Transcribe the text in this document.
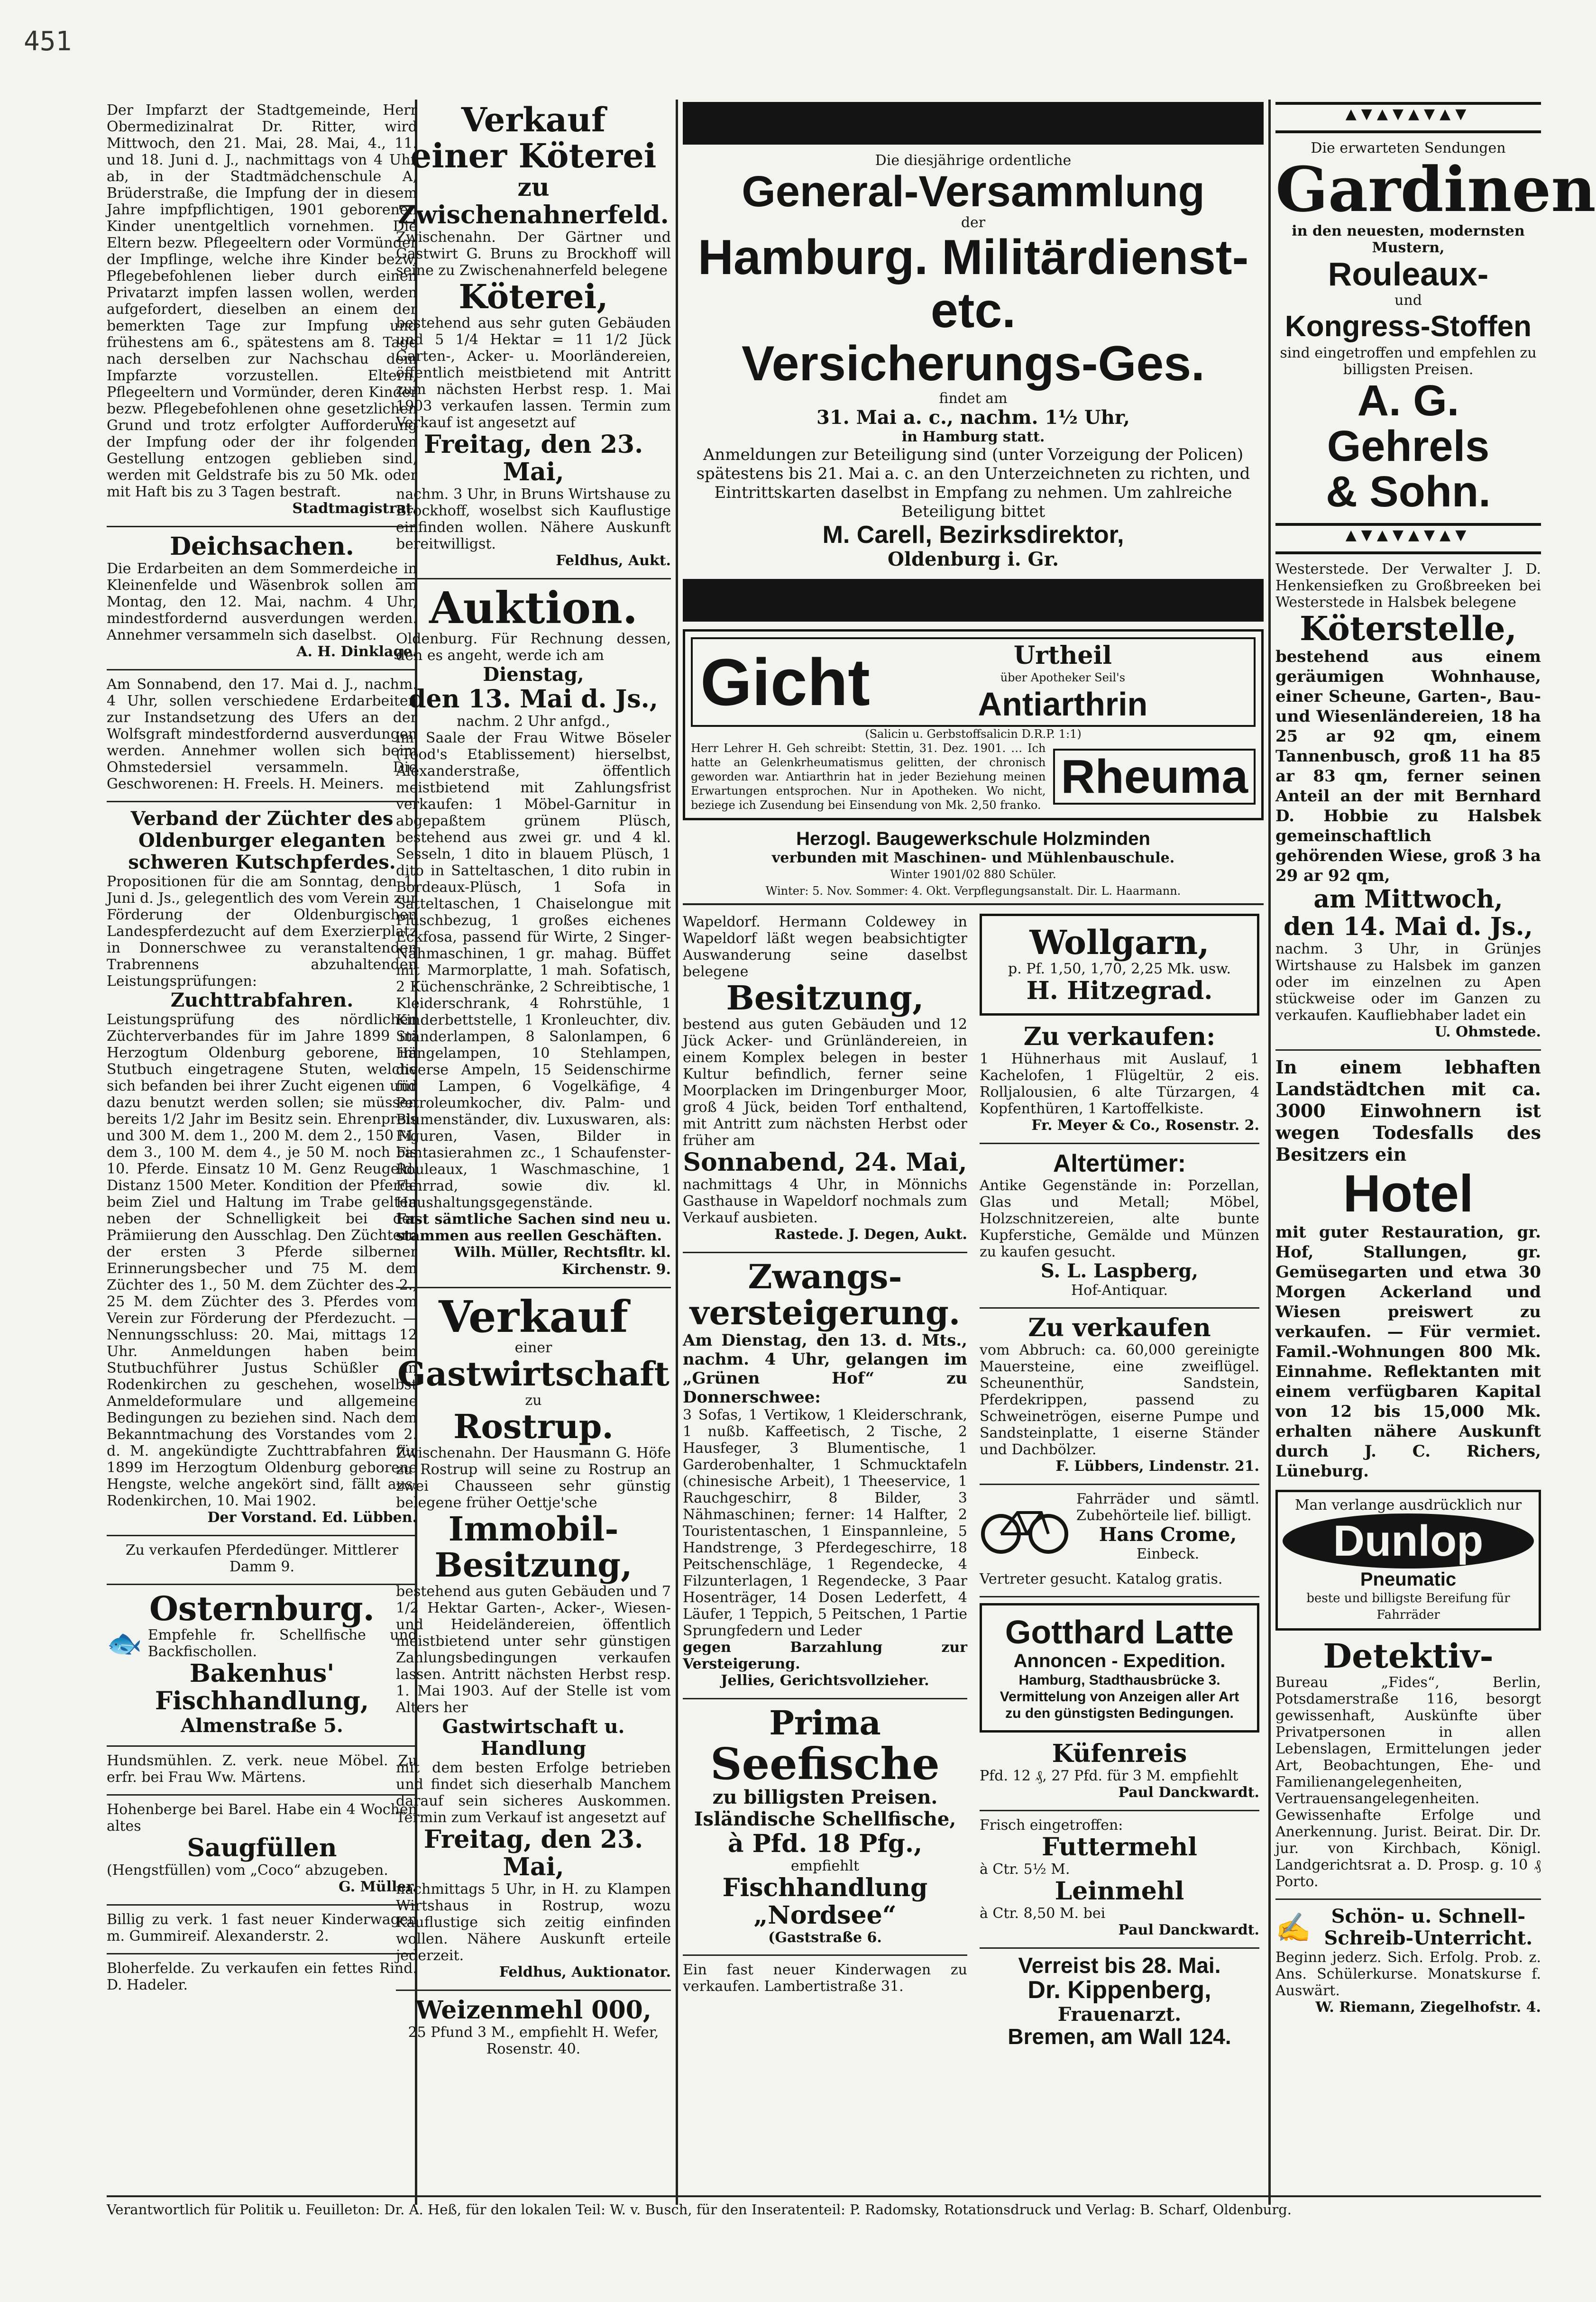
451

Der Impfarzt der Stadtgemeinde, Herr Obermedizinalrat Dr. Ritter, wird Mittwoch, den 21. Mai, 28. Mai, 4., 11. und 18. Juni d. J., nachmittags von 4 Uhr ab, in der Stadtmädchenschule A, Brüderstraße, die Impfung der in diesem Jahre impfpflichtigen, 1901 geborenen Kinder unentgeltlich vornehmen. Die Eltern bezw. Pflegeeltern oder Vormünder der Impflinge, welche ihre Kinder bezw. Pflegebefohlenen lieber durch einen Privatarzt impfen lassen wollen, werden aufgefordert, dieselben an einem der bemerkten Tage zur Impfung und frühestens am 6., spätestens am 8. Tage nach derselben zur Nachschau dem Impfarzte vorzustellen. Eltern, Pflegeeltern und Vormünder, deren Kinder bezw. Pflegebefohlenen ohne gesetzlichen Grund und trotz erfolgter Aufforderung der Impfung oder der ihr folgenden Gestellung entzogen geblieben sind, werden mit Geldstrafe bis zu 50 Mk. oder mit Haft bis zu 3 Tagen bestraft.

Stadtmagistrat.
Deichsachen.

Die Erdarbeiten an dem Sommerdeiche in Kleinenfelde und Wäsenbrok sollen am Montag, den 12. Mai, nachm. 4 Uhr, mindestfordernd ausverdungen werden. Annehmer versammeln sich daselbst.

A. H. Dinklage.

Am Sonnabend, den 17. Mai d. J., nachm. 4 Uhr, sollen verschiedene Erdarbeiten zur Instandsetzung des Ufers an der Wolfsgraft mindestfordernd ausverdungen werden. Annehmer wollen sich beim Ohmstedersiel versammeln. Die Geschworenen: H. Freels. H. Meiners.

Verband der Züchter des Oldenburger eleganten schweren Kutschpferdes.

Propositionen für die am Sonntag, den 1. Juni d. Js., gelegentlich des vom Verein zur Förderung der Oldenburgischen Landespferdezucht auf dem Exerzierplatz in Donnerschwee zu veranstaltenden Trabrennens abzuhaltenden Leistungsprüfungen:

Zuchttrabfahren.

Leistungsprüfung des nördlichen Züchterverbandes für im Jahre 1899 im Herzogtum Oldenburg geborene, im Stutbuch eingetragene Stuten, welche sich befanden bei ihrer Zucht eigenen und dazu benutzt werden sollen; sie müssen bereits 1/2 Jahr im Besitz sein. Ehrenpreis und 300 M. dem 1., 200 M. dem 2., 150 M. dem 3., 100 M. dem 4., je 50 M. noch bis 10. Pferde. Einsatz 10 M. Genz Reugeld. Distanz 1500 Meter. Kondition der Pferde beim Ziel und Haltung im Trabe gelten neben der Schnelligkeit bei der Prämiierung den Ausschlag. Den Züchtern der ersten 3 Pferde silberner Erinnerungsbecher und 75 M. dem Züchter des 1., 50 M. dem Züchter des 2., 25 M. dem Züchter des 3. Pferdes vom Verein zur Förderung der Pferdezucht. — Nennungsschluss: 20. Mai, mittags 12 Uhr. Anmeldungen haben beim Stutbuchführer Justus Schüßler in Rodenkirchen zu geschehen, woselbst Anmeldeformulare und allgemeine Bedingungen zu beziehen sind. Nach dem Bekanntmachung des Vorstandes vom 2. d. M. angekündigte Zuchttrabfahren für 1899 im Herzogtum Oldenburg geborene Hengste, welche angekört sind, fällt aus. Rodenkirchen, 10. Mai 1902.

Der Vorstand. Ed. Lübben.

Zu verkaufen Pferdedünger. Mittlerer Damm 9.

Osternburg.
🐟 Empfehle fr. Schellfische und Backfischollen.

Bakenhus' Fischhandlung,
Almenstraße 5.

Hundsmühlen. Z. verk. neue Möbel. Zu erfr. bei Frau Ww. Märtens.

Hohenberge bei Barel. Habe ein 4 Wochen altes

Saugfüllen

(Hengstfüllen) vom „Coco“ abzugeben.

G. Müller.

Billig zu verk. 1 fast neuer Kinderwagen m. Gummireif. Alexanderstr. 2.

Bloherfelde. Zu verkaufen ein fettes Rind. D. Hadeler.

Verkauf
einer Köterei
zu Zwischenahnerfeld.

Zwischenahn. Der Gärtner und Gastwirt G. Bruns zu Brockhoff will seine zu Zwischenahnerfeld belegene

Köterei,

bestehend aus sehr guten Gebäuden und 5 1/4 Hektar = 11 1/2 Jück Garten-, Acker- u. Moorländereien, öffentlich meistbietend mit Antritt zum nächsten Herbst resp. 1. Mai 1903 verkaufen lassen. Termin zum Verkauf ist angesetzt auf

Freitag, den 23. Mai,

nachm. 3 Uhr, in Bruns Wirtshause zu Brockhoff, woselbst sich Kauflustige einfinden wollen. Nähere Auskunft bereitwilligst.

Feldhus, Aukt.
Auktion.

Oldenburg. Für Rechnung dessen, den es angeht, werde ich am

Dienstag,
den 13. Mai d. Js.,

nachm. 2 Uhr anfgd.,

im Saale der Frau Witwe Böseler (Tood's Etablissement) hierselbst, Alexanderstraße, öffentlich meistbietend mit Zahlungsfrist verkaufen: 1 Möbel-Garnitur in abgepaßtem grünem Plüsch, bestehend aus zwei gr. und 4 kl. Sesseln, 1 dito in blauem Plüsch, 1 dito in Satteltaschen, 1 dito rubin in Bordeaux-Plüsch, 1 Sofa in Satteltaschen, 1 Chaiselongue mit Plüschbezug, 1 großes eichenes Eckfosa, passend für Wirte, 2 Singer-Nähmaschinen, 1 gr. mahag. Büffet mit Marmorplatte, 1 mah. Sofatisch, 2 Küchenschränke, 2 Schreibtische, 1 Kleiderschrank, 4 Rohrstühle, 1 Kinderbettstelle, 1 Kronleuchter, div. Ständerlampen, 8 Salonlampen, 6 Hängelampen, 10 Stehlampen, diverse Ampeln, 15 Seidenschirme für Lampen, 6 Vogelkäfige, 4 Petroleumkocher, div. Palm- und Blumenständer, div. Luxuswaren, als: Figuren, Vasen, Bilder in Fantasierahmen zc., 1 Schaufenster-Rouleaux, 1 Waschmaschine, 1 Fahrrad, sowie div. kl. Haushaltungsgegenstände.

Fast sämtliche Sachen sind neu u. stammen aus reellen Geschäften.

Wilh. Müller, Rechtsfltr. kl. Kirchenstr. 9.
Verkauf

einer

Gastwirtschaft

zu

Rostrup.

Zwischenahn. Der Hausmann G. Höfe zu Rostrup will seine zu Rostrup an zwei Chausseen sehr günstig belegene früher Oettje'sche

Immobil-Besitzung,

bestehend aus guten Gebäuden und 7 1/2 Hektar Garten-, Acker-, Wiesen- und Heideländereien, öffentlich meistbietend unter sehr günstigen Zahlungsbedingungen verkaufen lassen. Antritt nächsten Herbst resp. 1. Mai 1903. Auf der Stelle ist vom Alters her

Gastwirtschaft u. Handlung

mit dem besten Erfolge betrieben und findet sich dieserhalb Manchem darauf sein sicheres Auskommen. Termin zum Verkauf ist angesetzt auf

Freitag, den 23. Mai,

nachmittags 5 Uhr, in H. zu Klampen Wirtshaus in Rostrup, wozu Kauflustige sich zeitig einfinden wollen. Nähere Auskunft erteile jederzeit.

Feldhus, Auktionator.
Weizenmehl 000,

25 Pfund 3 M., empfiehlt H. Wefer, Rosenstr. 40.

Die diesjährige ordentliche

General-Versammlung

der

Hamburg. Militärdienst- etc.
Versicherungs-Ges.

findet am

31. Mai a. c., nachm. 1½ Uhr,

in Hamburg statt.

Anmeldungen zur Beteiligung sind (unter Vorzeigung der Policen) spätestens bis 21. Mai a. c. an den Unterzeichneten zu richten, und Eintrittskarten daselbst in Empfang zu nehmen. Um zahlreiche Beteiligung bittet

M. Carell, Bezirksdirektor,
Oldenburg i. Gr.
Gicht	Urtheil

über Apotheker Seil's

Antiarthrin

(Salicin u. Gerbstoffsalicin D.R.P. 1:1)

Herr Lehrer H. Geh schreibt: Stettin, 31. Dez. 1901. … Ich hatte an Gelenkrheumatismus gelitten, der chronisch geworden war. Antiarthrin hat in jeder Beziehung meinen Erwartungen entsprochen. Nur in Apotheken. Wo nicht, beziege ich Zusendung bei Einsendung von Mk. 2,50 franko.

Rheuma
Herzogl. Baugewerkschule Holzminden

verbunden mit Maschinen- und Mühlenbauschule.

Winter 1901/02 880 Schüler.

Winter: 5. Nov. Sommer: 4. Okt. Verpflegungsanstalt. Dir. L. Haarmann.

Wapeldorf. Hermann Coldewey in Wapeldorf läßt wegen beabsichtigter Auswanderung seine daselbst belegene

Besitzung,

bestend aus guten Gebäuden und 12 Jück Acker- und Grünländereien, in einem Komplex belegen in bester Kultur befindlich, ferner seine Moorplacken im Dringenburger Moor, groß 4 Jück, beiden Torf enthaltend, mit Antritt zum nächsten Herbst oder früher am

Sonnabend, 24. Mai,

nachmittags 4 Uhr, in Mönnichs Gasthause in Wapeldorf nochmals zum Verkauf ausbieten.

Rastede. J. Degen, Aukt.
Zwangs-
versteigerung.

Am Dienstag, den 13. d. Mts., nachm. 4 Uhr, gelangen im „Grünen Hof“ zu Donnerschwee:

3 Sofas, 1 Vertikow, 1 Kleiderschrank, 1 nußb. Kaffeetisch, 2 Tische, 2 Hausfeger, 3 Blumentische, 1 Garderobenhalter, 1 Schmucktafeln (chinesische Arbeit), 1 Theeservice, 1 Rauchgeschirr, 8 Bilder, 3 Nähmaschinen; ferner: 14 Halfter, 2 Touristentaschen, 1 Einspannleine, 5 Handstrenge, 3 Pferdegeschirre, 18 Peitschenschläge, 1 Regendecke, 4 Filzunterlagen, 1 Regendecke, 3 Paar Hosenträger, 14 Dosen Lederfett, 4 Läufer, 1 Teppich, 5 Peitschen, 1 Partie Sprungfedern und Leder

gegen Barzahlung zur Versteigerung.

Jellies, Gerichtsvollzieher.
Prima
Seefische
zu billigsten Preisen.
Isländische Schellfische,
à Pfd. 18 Pfg.,

empfiehlt

Fischhandlung „Nordsee“

(Gaststraße 6.

Ein fast neuer Kinderwagen zu verkaufen. Lambertistraße 31.

Wollgarn,

p. Pf. 1,50, 1,70, 2,25 Mk. usw.

H. Hitzegrad.
Zu verkaufen:

1 Hühnerhaus mit Auslauf, 1 Kachelofen, 1 Flügeltür, 2 eis. Rolljalousien, 6 alte Türzargen, 4 Kopfenthüren, 1 Kartoffelkiste.

Fr. Meyer & Co., Rosenstr. 2.
Altertümer:

Antike Gegenstände in: Porzellan, Glas und Metall; Möbel, Holzschnitzereien, alte bunte Kupferstiche, Gemälde und Münzen zu kaufen gesucht.

S. L. Laspberg,

Hof-Antiquar.

Zu verkaufen

vom Abbruch: ca. 60,000 gereinigte Mauersteine, eine zweiflügel. Scheunenthür, Sandstein, Pferdekrippen, passend zu Schweinetrögen, eiserne Pumpe und Sandsteinplatte, 1 eiserne Ständer und Dachbölzer.

F. Lübbers, Lindenstr. 21.

Fahrräder und sämtl. Zubehörteile lief. billigt.

Hans Crome,

Einbeck.

Vertreter gesucht. Katalog gratis.

Gotthard Latte
Annoncen - Expedition.

Hamburg, Stadthausbrücke 3.

Vermittelung von Anzeigen aller Art zu den günstigsten Bedingungen.

Küfenreis

Pfd. 12 ₰, 27 Pfd. für 3 M. empfiehlt

Paul Danckwardt.

Frisch eingetroffen:

Futtermehl

à Ctr. 5½ M.

Leinmehl

à Ctr. 8,50 M. bei

Paul Danckwardt.
Verreist bis 28. Mai.
Dr. Kippenberg,
Frauenarzt.
Bremen, am Wall 124.
▲▼▲▼▲▼▲▼

Die erwarteten Sendungen

Gardinen

in den neuesten, modernsten Mustern,

Rouleaux-

und

Kongress-Stoffen

sind eingetroffen und empfehlen zu billigsten Preisen.

A. G. Gehrels
& Sohn.
▲▼▲▼▲▼▲▼

Westerstede. Der Verwalter J. D. Henkensiefken zu Großbreeken bei Westerstede in Halsbek belegene

Köterstelle,

bestehend aus einem geräumigen Wohnhause, einer Scheune, Garten-, Bau- und Wiesenländereien, 18 ha 25 ar 92 qm, einem Tannenbusch, groß 11 ha 85 ar 83 qm, ferner seinen Anteil an der mit Bernhard D. Hobbie zu Halsbek gemeinschaftlich gehörenden Wiese, groß 3 ha 29 ar 92 qm,

am Mittwoch,
den 14. Mai d. Js.,

nachm. 3 Uhr, in Grünjes Wirtshause zu Halsbek im ganzen oder im einzelnen zu Apen stückweise oder im Ganzen zu verkaufen. Kaufliebhaber ladet ein

U. Ohmstede.

In einem lebhaften Landstädtchen mit ca. 3000 Einwohnern ist wegen Todesfalls des Besitzers ein

Hotel

mit guter Restauration, gr. Hof, Stallungen, gr. Gemüsegarten und etwa 30 Morgen Ackerland und Wiesen preiswert zu verkaufen. — Für vermiet. Famil.-Wohnungen 800 Mk. Einnahme. Reflektanten mit einem verfügbaren Kapital von 12 bis 15,000 Mk. erhalten nähere Auskunft durch J. C. Richers, Lüneburg.

Man verlange ausdrücklich nur

Dunlop
Pneumatic

beste und billigste Bereifung für Fahrräder

Detektiv-

Bureau „Fides“, Berlin, Potsdamerstraße 116, besorgt gewissenhaft, Auskünfte über Privatpersonen in allen Lebenslagen, Ermittelungen jeder Art, Beobachtungen, Ehe- und Familienangelegenheiten, Vertrauensangelegenheiten. Gewissenhafte Erfolge und Anerkennung. Jurist. Beirat. Dir. Dr. jur. von Kirchbach, Königl. Landgerichtsrat a. D. Prosp. g. 10 ₰ Porto.

✍	Schön- u. Schnell-Schreib-Unterricht.

Beginn jederz. Sich. Erfolg. Prob. z. Ans. Schülerkurse. Monatskurse f. Auswärt.

W. Riemann, Ziegelhofstr. 4.
Verantwortlich für Politik u. Feuilleton: Dr. A. Heß, für den lokalen Teil: W. v. Busch, für den Inseratenteil: P. Radomsky, Rotationsdruck und Verlag: B. Scharf, Oldenburg.
